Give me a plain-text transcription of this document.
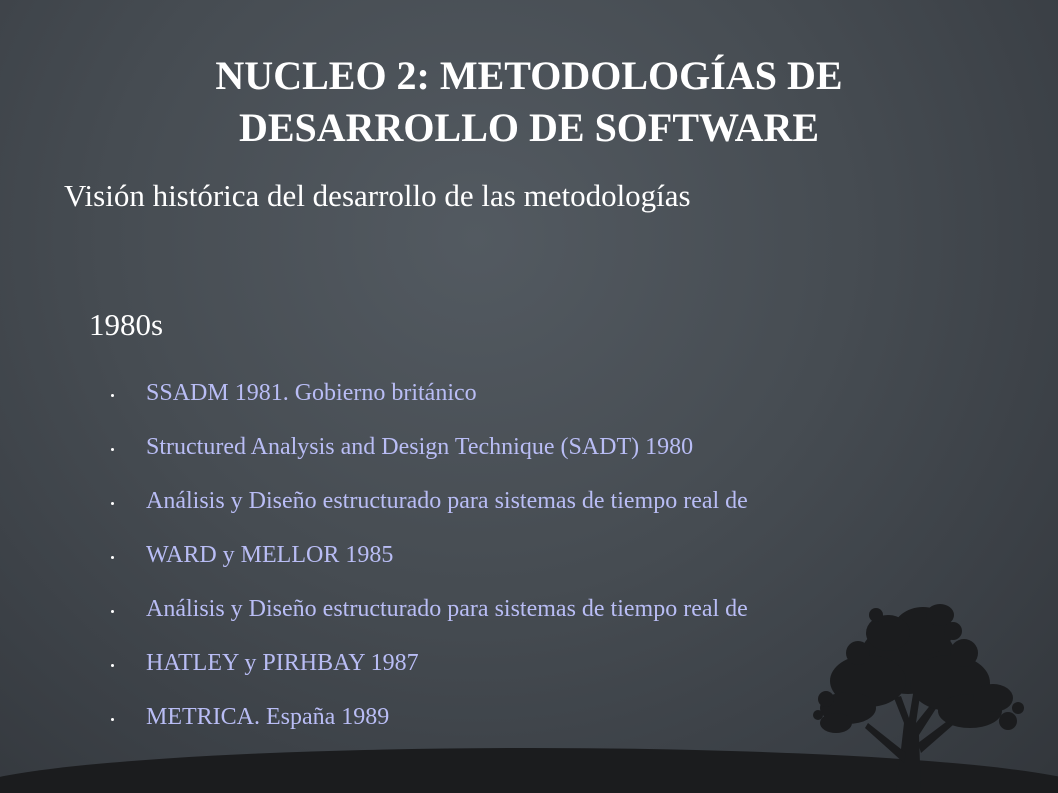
NUCLEO 2: METODOLOGÍAS DE
DESARROLLO DE SOFTWARE
Visión histórica del desarrollo de las metodologías
1980s
SSADM 1981. Gobierno británico
Structured Analysis and Design Technique (SADT) 1980
Análisis y Diseño estructurado para sistemas de tiempo real de
WARD y MELLOR 1985
Análisis y Diseño estructurado para sistemas de tiempo real de
HATLEY y PIRHBAY 1987
METRICA. España 1989
